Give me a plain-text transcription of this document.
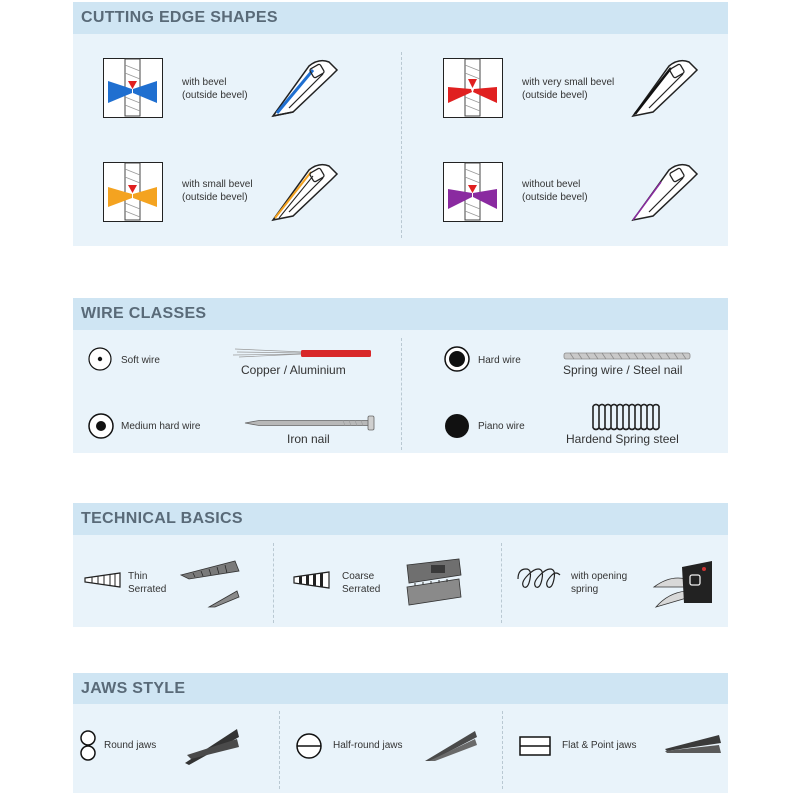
CUTTING EDGE SHAPES
with bevel
(outside bevel)
with very small bevel
(outside bevel)
with small bevel
(outside bevel)
without bevel
(outside bevel)
WIRE CLASSES
Soft wire
Copper / Aluminium
Hard wire
Spring wire / Steel nail
Medium hard wire
Iron nail
Piano wire
Hardend Spring steel
TECHNICAL BASICS
Thin
Serrated
Coarse
Serrated
with opening
spring
JAWS STYLE
Round jaws	Half-round jaws	Flat & Point jaws
